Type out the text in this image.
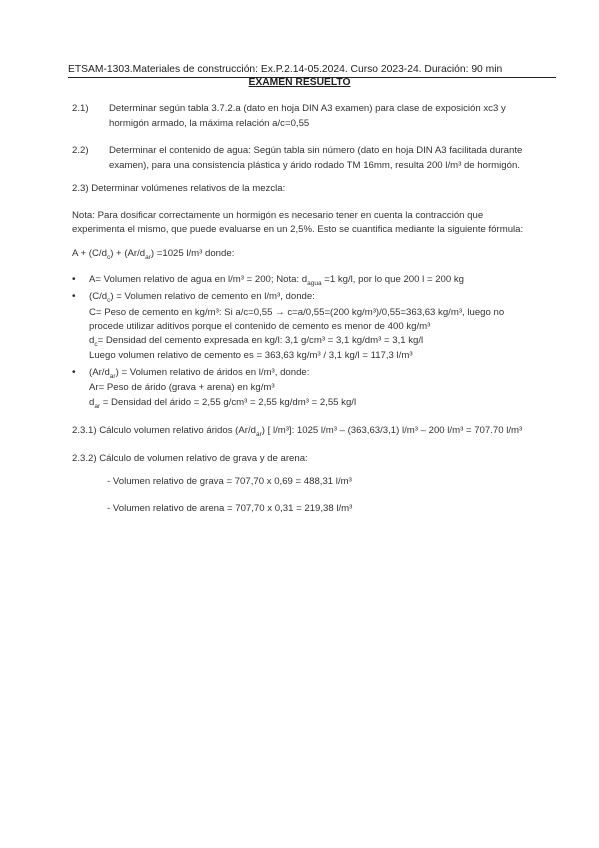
ETSAM-1303.Materiales de construcción: Ex.P.2.14-05.2024. Curso 2023-24. Duración: 90 min
EXAMEN RESUELTO
2.1) Determinar según tabla 3.7.2.a (dato en hoja DIN A3 examen) para clase de exposición xc3 y
hormigón armado, la máxima relación a/c=0,55
2.2) Determinar el contenido de agua: Según tabla sin número (dato en hoja DIN A3 facilitada durante
examen), para una consistencia plástica y árido rodado TM 16mm, resulta 200 l/m³ de hormigón.
2.3) Determinar volúmenes relativos de la mezcla:
Nota: Para dosificar correctamente un hormigón es necesario tener en cuenta la contracción que
experimenta el mismo, que puede evaluarse en un 2,5%. Esto se cuantifica mediante la siguiente fórmula:
$A + (C/d_c) + (Ar/d_{ar}) =1025$ l/m³ donde:
• A= Volumen relativo de agua en l/m³ = 200; Nota: $d_{agua} =1$ kg/l, por lo que 200 l = 200 kg
• $(C/d_c)$ = Volumen relativo de cemento en l/m³, donde:
C= Peso de cemento en kg/m³: Si a/c=0,55 → c=a/0,55=(200 kg/m³)/0,55=363,63 kg/m³, luego no
procede utilizar aditivos porque el contenido de cemento es menor de 400 kg/m³
$d_c=$ Densidad del cemento expresada en kg/l: 3,1 g/cm³ = 3,1 kg/dm³ = 3,1 kg/l
Luego volumen relativo de cemento es = 363,63 kg/m³ / 3,1 kg/l = 117,3 l/m³
• $(Ar/d_{ar})$ = Volumen relativo de áridos en l/m³, donde:
Ar= Peso de árido (grava + arena) en kg/m³
$d_{ar}$ = Densidad del árido = 2,55 g/cm³ = 2,55 kg/dm³ = 2,55 kg/l
2.3.1) Cálculo volumen relativo áridos $(Ar/d_{ar})$ [ l/m³]: 1025 l/m³ – (363,63/3,1) l/m³ – 200 l/m³ = 707.70 l/m³
2.3.2) Cálculo de volumen relativo de grava y de arena:
- Volumen relativo de grava = 707,70 x 0,69 = 488,31 l/m³
- Volumen relativo de arena = 707,70 x 0,31 = 219,38 l/m³
